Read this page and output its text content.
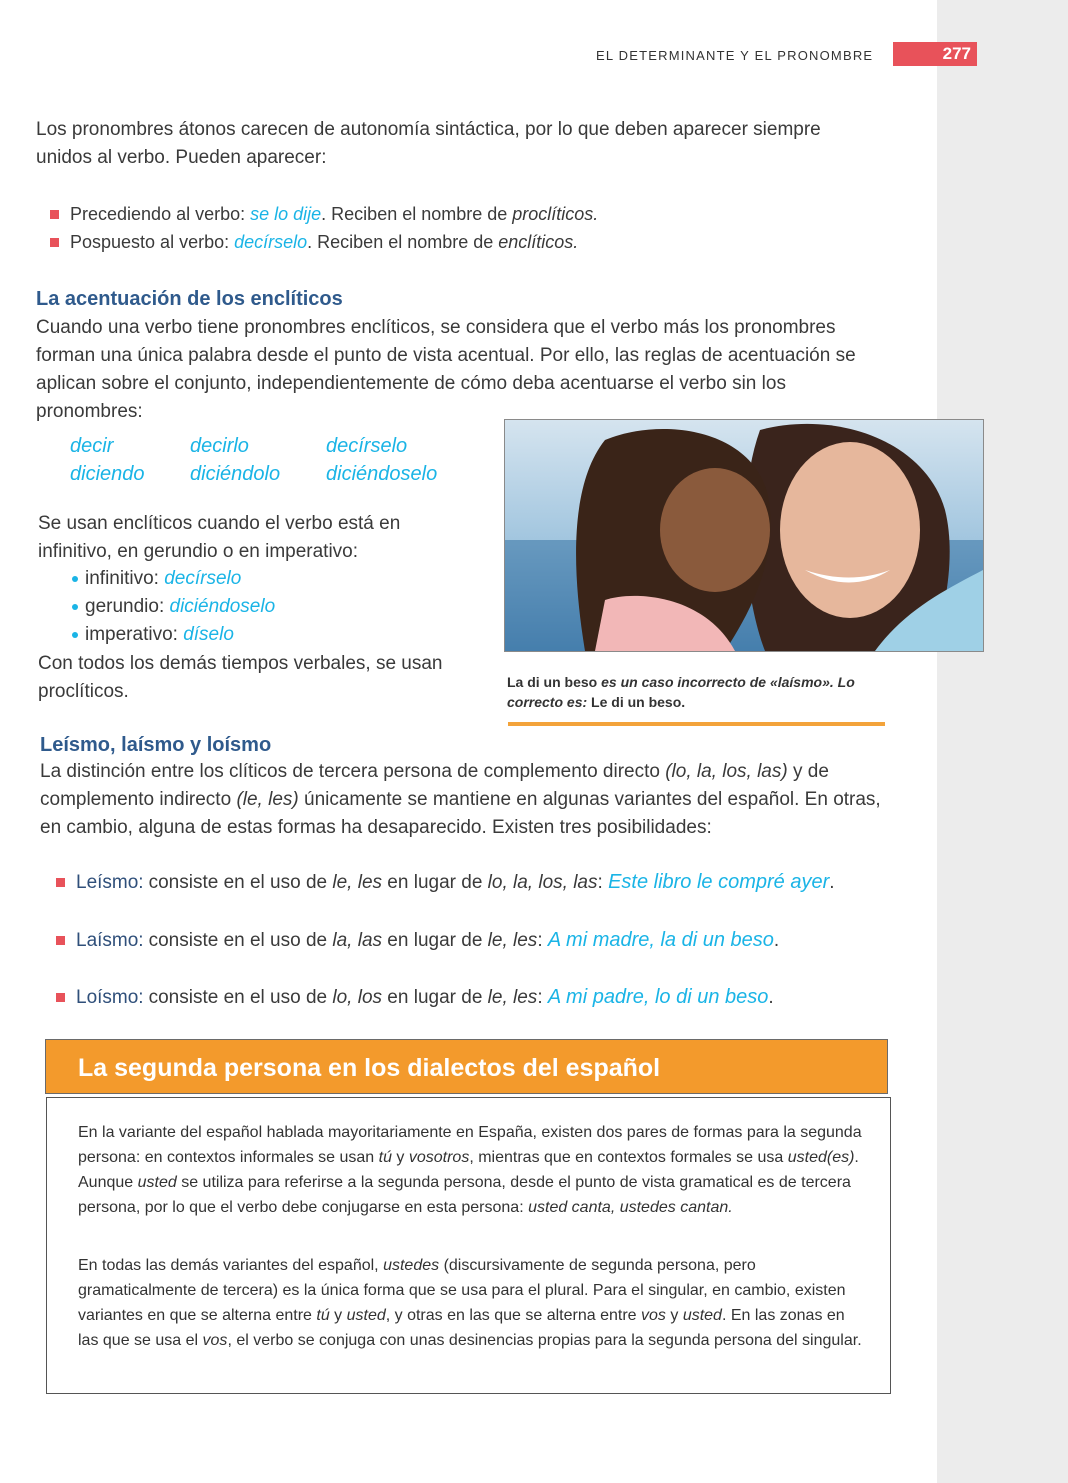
EL DETERMINANTE Y EL PRONOMBRE	277
Los pronombres átonos carecen de autonomía sintáctica, por lo que deben aparecer siempre unidos al verbo. Pueden aparecer:
Precediendo al verbo: se lo dije. Reciben el nombre de proclíticos.
Pospuesto al verbo: decírselo. Reciben el nombre de enclíticos.
La acentuación de los enclíticos
Cuando una verbo tiene pronombres enclíticos, se considera que el verbo más los pronombres forman una única palabra desde el punto de vista acentual. Por ello, las reglas de acentuación se aplican sobre el conjunto, independientemente de cómo deba acentuarse el verbo sin los pronombres:
decir	decirlo	decírselo
diciendo	diciéndolo	diciéndoselo
Se usan enclíticos cuando el verbo está en infinitivo, en gerundio o en imperativo:
infinitivo: decírselo
gerundio: diciéndoselo
imperativo: díselo
Con todos los demás tiempos verbales, se usan proclíticos.	La di un beso es un caso incorrecto de «laísmo». Lo correcto es: Le di un beso.
Leísmo, laísmo y loísmo
La distinción entre los clíticos de tercera persona de complemento directo (lo, la, los, las) y de complemento indirecto (le, les) únicamente se mantiene en algunas variantes del español. En otras, en cambio, alguna de estas formas ha desaparecido. Existen tres posibilidades:
Leísmo: consiste en el uso de le, les en lugar de lo, la, los, las: Este libro le compré ayer.
Laísmo: consiste en el uso de la, las en lugar de le, les: A mi madre, la di un beso.
Loísmo: consiste en el uso de lo, los en lugar de le, les: A mi padre, lo di un beso.
La segunda persona en los dialectos del español
En la variante del español hablada mayoritariamente en España, existen dos pares de formas para la segunda persona: en contextos informales se usan tú y vosotros, mientras que en contextos formales se usa usted(es). Aunque usted se utiliza para referirse a la segunda persona, desde el punto de vista gramatical es de tercera persona, por lo que el verbo debe conjugarse en esta persona: usted canta, ustedes cantan.
En todas las demás variantes del español, ustedes (discursivamente de segunda persona, pero gramaticalmente de tercera) es la única forma que se usa para el plural. Para el singular, en cambio, existen variantes en que se alterna entre tú y usted, y otras en las que se alterna entre vos y usted. En las zonas en las que se usa el vos, el verbo se conjuga con unas desinencias propias para la segunda persona del singular.
